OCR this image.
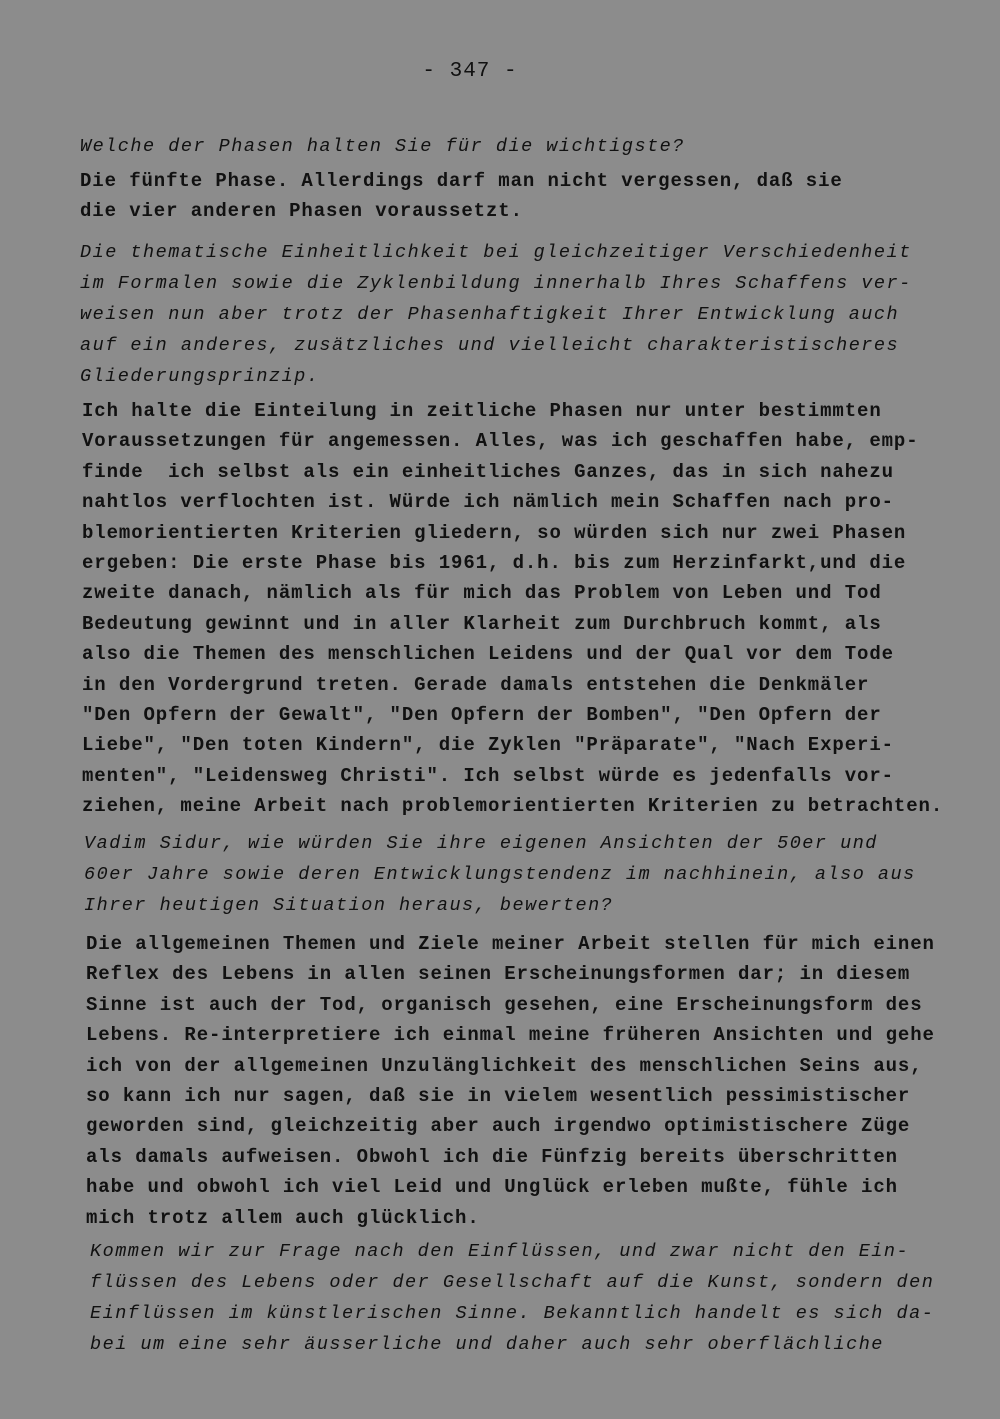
- 347 -
Welche der Phasen halten Sie für die wichtigste?
Die fünfte Phase. Allerdings darf man nicht vergessen, daß sie
die vier anderen Phasen voraussetzt.
Die thematische Einheitlichkeit bei gleichzeitiger Verschiedenheit
im Formalen sowie die Zyklenbildung innerhalb Ihres Schaffens ver-
weisen nun aber trotz der Phasenhaftigkeit Ihrer Entwicklung auch
auf ein anderes, zusätzliches und vielleicht charakteristischeres
Gliederungsprinzip.
Ich halte die Einteilung in zeitliche Phasen nur unter bestimmten
Voraussetzungen für angemessen. Alles, was ich geschaffen habe, emp-
finde  ich selbst als ein einheitliches Ganzes, das in sich nahezu
nahtlos verflochten ist. Würde ich nämlich mein Schaffen nach pro-
blemorientierten Kriterien gliedern, so würden sich nur zwei Phasen
ergeben: Die erste Phase bis 1961, d.h. bis zum Herzinfarkt,und die
zweite danach, nämlich als für mich das Problem von Leben und Tod
Bedeutung gewinnt und in aller Klarheit zum Durchbruch kommt, als
also die Themen des menschlichen Leidens und der Qual vor dem Tode
in den Vordergrund treten. Gerade damals entstehen die Denkmäler
"Den Opfern der Gewalt", "Den Opfern der Bomben", "Den Opfern der
Liebe", "Den toten Kindern", die Zyklen "Präparate", "Nach Experi-
menten", "Leidensweg Christi". Ich selbst würde es jedenfalls vor-
ziehen, meine Arbeit nach problemorientierten Kriterien zu betrachten.
Vadim Sidur, wie würden Sie ihre eigenen Ansichten der 50er und
60er Jahre sowie deren Entwicklungstendenz im nachhinein, also aus
Ihrer heutigen Situation heraus, bewerten?
Die allgemeinen Themen und Ziele meiner Arbeit stellen für mich einen
Reflex des Lebens in allen seinen Erscheinungsformen dar; in diesem
Sinne ist auch der Tod, organisch gesehen, eine Erscheinungsform des
Lebens. Re-interpretiere ich einmal meine früheren Ansichten und gehe
ich von der allgemeinen Unzulänglichkeit des menschlichen Seins aus,
so kann ich nur sagen, daß sie in vielem wesentlich pessimistischer
geworden sind, gleichzeitig aber auch irgendwo optimistischere Züge
als damals aufweisen. Obwohl ich die Fünfzig bereits überschritten
habe und obwohl ich viel Leid und Unglück erleben mußte, fühle ich
mich trotz allem auch glücklich.
Kommen wir zur Frage nach den Einflüssen, und zwar nicht den Ein-
flüssen des Lebens oder der Gesellschaft auf die Kunst, sondern den
Einflüssen im künstlerischen Sinne. Bekanntlich handelt es sich da-
bei um eine sehr äusserliche und daher auch sehr oberflächliche
